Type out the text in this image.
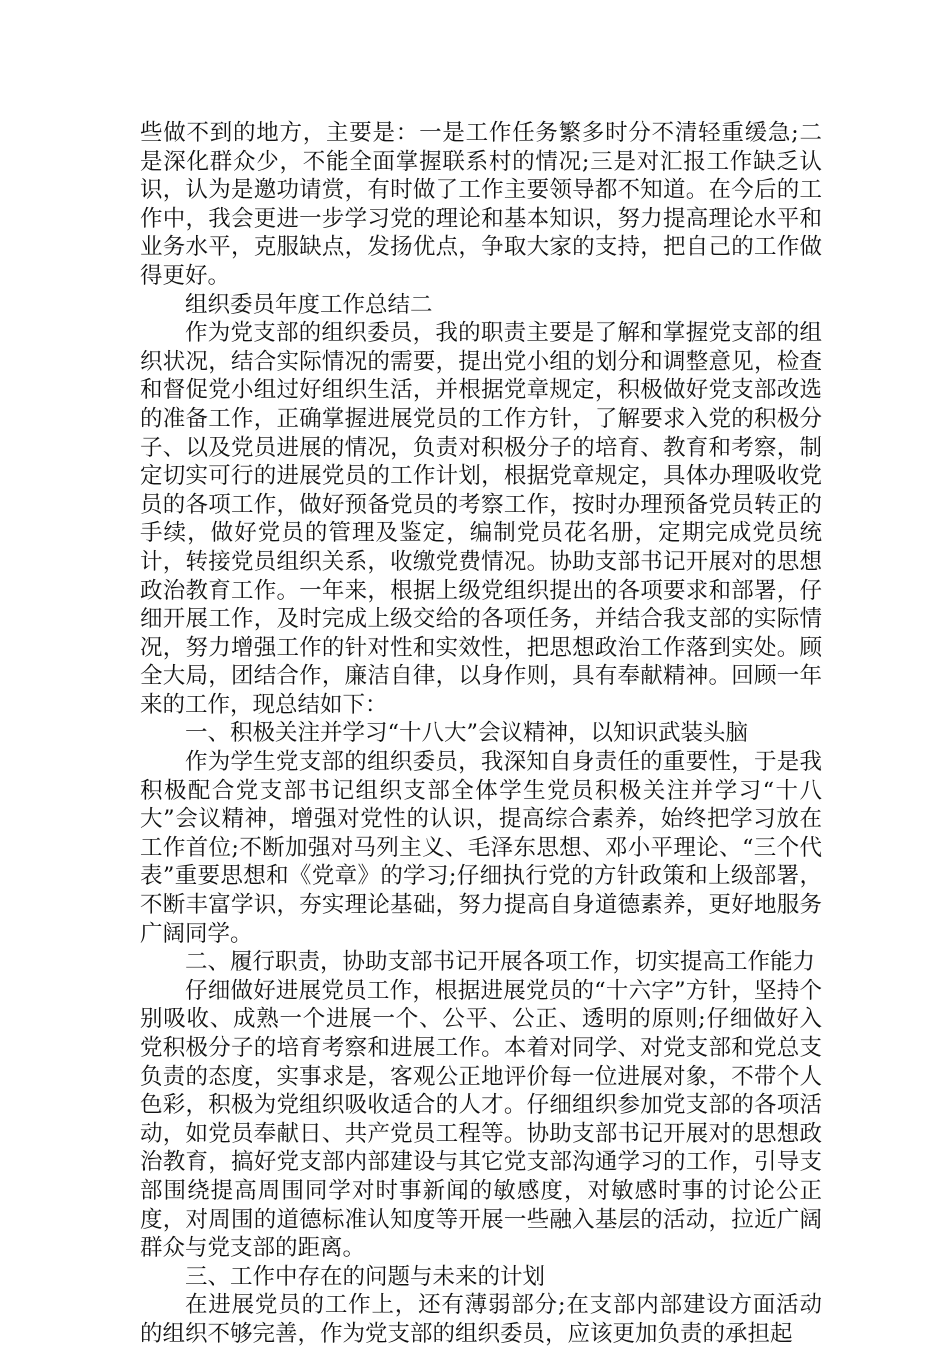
些做不到的地方，主要是：一是工作任务繁多时分不清轻重缓急;二是深化群众少，不能全面掌握联系村的情况;三是对汇报工作缺乏认识，认为是邀功请赏，有时做了工作主要领导都不知道。在今后的工作中，我会更进一步学习党的理论和基本知识，努力提高理论水平和业务水平，克服缺点，发扬优点，争取大家的支持，把自己的工作做得更好。

组织委员年度工作总结二

作为党支部的组织委员，我的职责主要是了解和掌握党支部的组织状况，结合实际情况的需要，提出党小组的划分和调整意见，检查和督促党小组过好组织生活，并根据党章规定，积极做好党支部改选的准备工作，正确掌握进展党员的工作方针，了解要求入党的积极分子、以及党员进展的情况，负责对积极分子的培育、教育和考察，制定切实可行的进展党员的工作计划，根据党章规定，具体办理吸收党员的各项工作，做好预备党员的考察工作，按时办理预备党员转正的手续，做好党员的管理及鉴定，编制党员花名册，定期完成党员统计，转接党员组织关系，收缴党费情况。协助支部书记开展对的思想政治教育工作。一年来，根据上级党组织提出的各项要求和部署，仔细开展工作，及时完成上级交给的各项任务，并结合我支部的实际情况，努力增强工作的针对性和实效性，把思想政治工作落到实处。顾全大局，团结合作，廉洁自律，以身作则，具有奉献精神。回顾一年来的工作，现总结如下：

一、积极关注并学习“十八大”会议精神，以知识武装头脑

作为学生党支部的组织委员，我深知自身责任的重要性，于是我积极配合党支部书记组织支部全体学生党员积极关注并学习“十八大”会议精神，增强对党性的认识，提高综合素养，始终把学习放在工作首位;不断加强对马列主义、毛泽东思想、邓小平理论、“三个代表”重要思想和《党章》的学习;仔细执行党的方针政策和上级部署，不断丰富学识，夯实理论基础，努力提高自身道德素养，更好地服务广阔同学。

二、履行职责，协助支部书记开展各项工作，切实提高工作能力

仔细做好进展党员工作，根据进展党员的“十六字”方针，坚持个别吸收、成熟一个进展一个、公平、公正、透明的原则;仔细做好入党积极分子的培育考察和进展工作。本着对同学、对党支部和党总支负责的态度，实事求是，客观公正地评价每一位进展对象，不带个人色彩，积极为党组织吸收适合的人才。仔细组织参加党支部的各项活动，如党员奉献日、共产党员工程等。协助支部书记开展对的思想政治教育，搞好党支部内部建设与其它党支部沟通学习的工作，引导支部围绕提高周围同学对时事新闻的敏感度，对敏感时事的讨论公正度，对周围的道德标准认知度等开展一些融入基层的活动，拉近广阔群众与党支部的距离。

三、工作中存在的问题与未来的计划

在进展党员的工作上，还有薄弱部分;在支部内部建设方面活动的组织不够完善，作为党支部的组织委员，应该更加负责的承担起
